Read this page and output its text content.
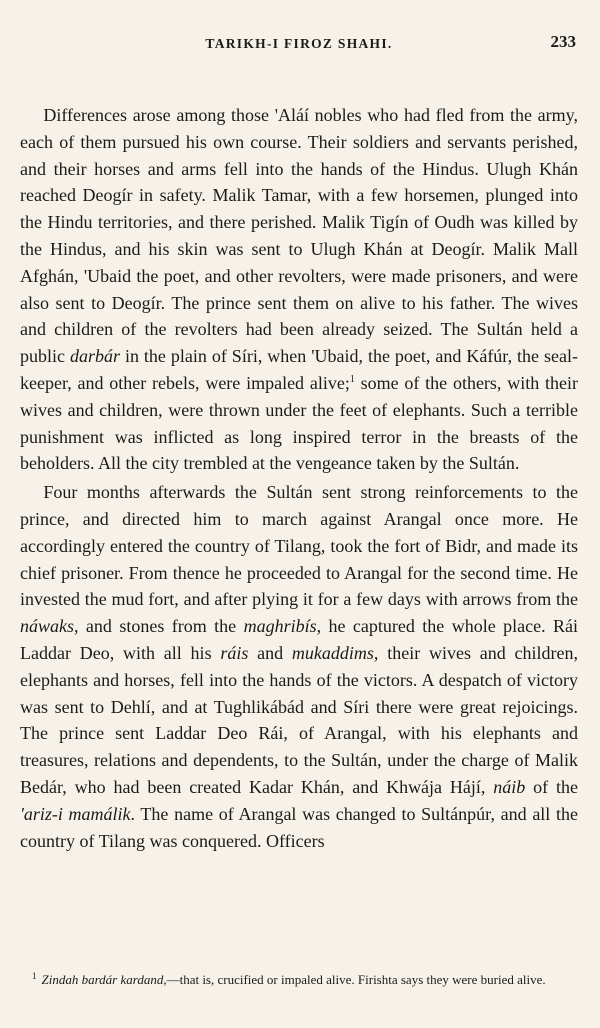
TARIKH-I FIROZ SHAHI.	233

Differences arose among those 'Aláí nobles who had fled from the army, each of them pursued his own course. Their soldiers and servants perished, and their horses and arms fell into the hands of the Hindus. Ulugh Khán reached Deogír in safety. Malik Tamar, with a few horsemen, plunged into the Hindu territories, and there perished. Malik Tigín of Oudh was killed by the Hindus, and his skin was sent to Ulugh Khán at Deogír. Malik Mall Afghán, 'Ubaid the poet, and other revolters, were made prisoners, and were also sent to Deogír. The prince sent them on alive to his father. The wives and children of the revolters had been already seized. The Sultán held a public darbár in the plain of Síri, when 'Ubaid, the poet, and Káfúr, the seal-keeper, and other rebels, were impaled alive;$^1$ some of the others, with their wives and children, were thrown under the feet of elephants. Such a terrible punishment was inflicted as long inspired terror in the breasts of the beholders. All the city trembled at the vengeance taken by the Sultán.

Four months afterwards the Sultán sent strong reinforcements to the prince, and directed him to march against Arangal once more. He accordingly entered the country of Tilang, took the fort of Bidr, and made its chief prisoner. From thence he proceeded to Arangal for the second time. He invested the mud fort, and after plying it for a few days with arrows from the náwaks, and stones from the maghribís, he captured the whole place. Rái Laddar Deo, with all his ráis and mukaddims, their wives and children, elephants and horses, fell into the hands of the victors. A despatch of victory was sent to Dehlí, and at Tughlikábád and Síri there were great rejoicings. The prince sent Laddar Deo Rái, of Arangal, with his elephants and treasures, relations and dependents, to the Sultán, under the charge of Malik Bedár, who had been created Kadar Khán, and Khwája Hájí, náib of the 'ariz-i mamálik. The name of Arangal was changed to Sultánpúr, and all the country of Tilang was conquered. Officers

$^1$ Zindah bardár kardand,—that is, crucified or impaled alive. Firishta says they were buried alive.
